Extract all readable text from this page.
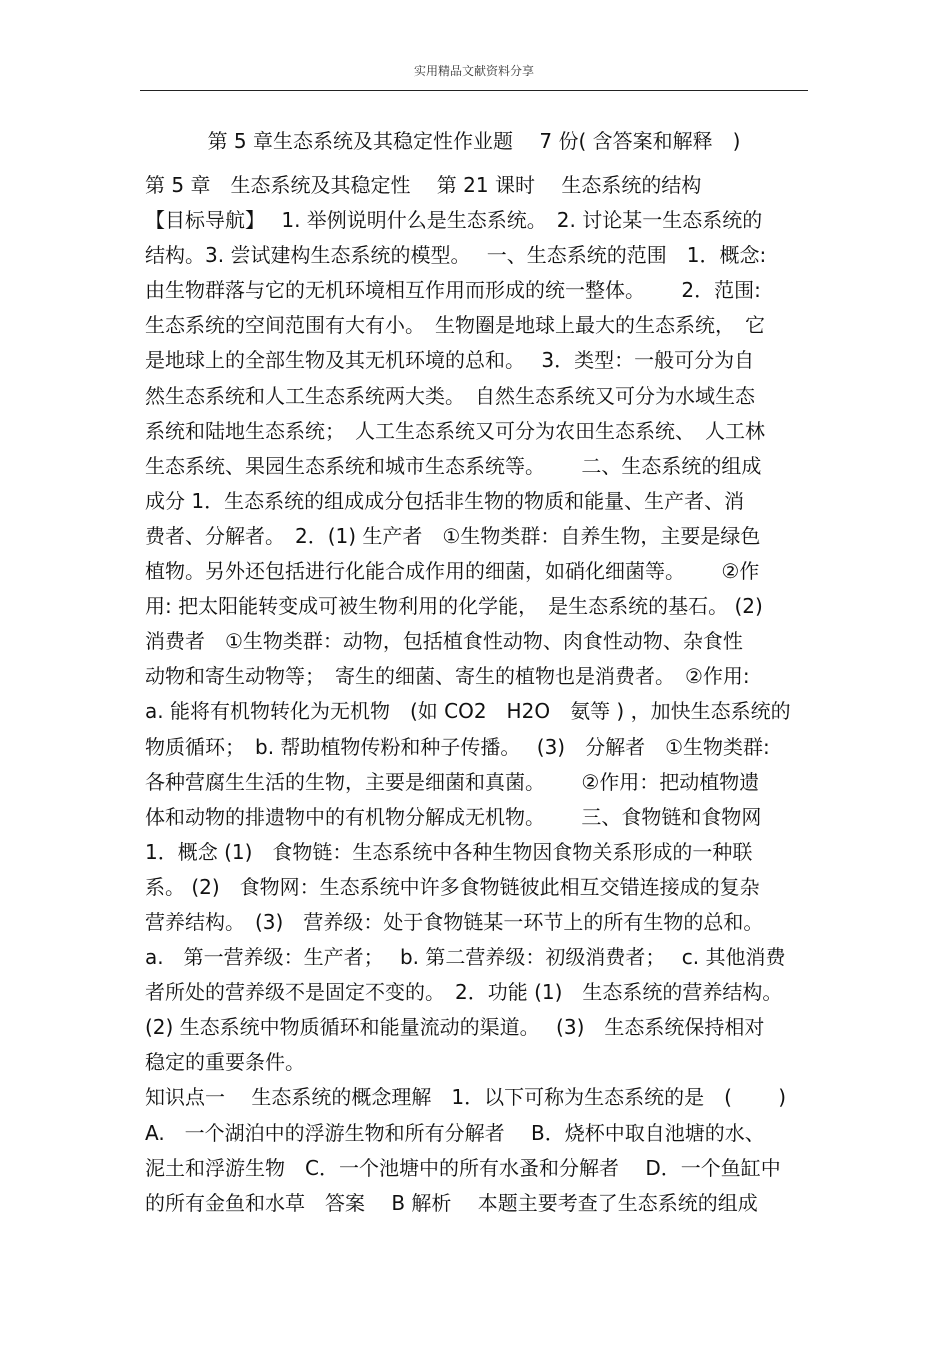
实用精品文献资料分享
第 5 章生态系统及其稳定性作业题　 7 份( 含答案和解释　)
第 5 章　生态系统及其稳定性　 第 21 课时　 生态系统的结构
【目标导航】　 1. 举例说明什么是生态系统。　2. 讨论某一生态系统的
结构。3. 尝试建构生态系统的模型。　 一、生态系统的范围　1．概念:
由生物群落与它的无机环境相互作用而形成的统一整体。　　 2．范围:
生态系统的空间范围有大有小。　生物圈是地球上最大的生态系统，　它
是地球上的全部生物及其无机环境的总和。　 3．类型：一般可分为自
然生态系统和人工生态系统两大类。　自然生态系统又可分为水域生态
系统和陆地生态系统；　人工生态系统又可分为农田生态系统、　人工林
生态系统、果园生态系统和城市生态系统等。　　 二、生态系统的组成
成分 1．生态系统的组成成分包括非生物的物质和能量、生产者、消
费者、分解者。　2．(1) 生产者　①生物类群：自养生物，主要是绿色
植物。另外还包括进行化能合成作用的细菌，如硝化细菌等。　　 ②作
用: 把太阳能转变成可被生物利用的化学能，　是生态系统的基石。 (2)
消费者　①生物类群：动物，包括植食性动物、肉食性动物、杂食性
动物和寄生动物等；　寄生的细菌、寄生的植物也是消费者。　②作用:
a. 能将有机物转化为无机物　(如 CO2　H2O　氨等 ) ，加快生态系统的
物质循环；　b. 帮助植物传粉和种子传播。　 (3)　分解者　①生物类群:
各种营腐生生活的生物，主要是细菌和真菌。　　 ②作用：把动植物遗
体和动物的排遗物中的有机物分解成无机物。　　 三、食物链和食物网
1．概念 (1)　食物链：生态系统中各种生物因食物关系形成的一种联
系。 (2)　食物网：生态系统中许多食物链彼此相互交错连接成的复杂
营养结构。　(3)　营养级：处于食物链某一环节上的所有生物的总和。
a.　第一营养级：生产者；　 b. 第二营养级：初级消费者；　 c. 其他消费
者所处的营养级不是固定不变的。　2．功能 (1)　生态系统的营养结构。
(2) 生态系统中物质循环和能量流动的渠道。　 (3)　生态系统保持相对
稳定的重要条件。
知识点一　 生态系统的概念理解　1．以下可称为生态系统的是　(　　 )
A.　一个湖泊中的浮游生物和所有分解者　 B．烧杯中取自池塘的水、
泥土和浮游生物　C．一个池塘中的所有水蚤和分解者　 D．一个鱼缸中
的所有金鱼和水草　答案　 B 解析　 本题主要考查了生态系统的组成
